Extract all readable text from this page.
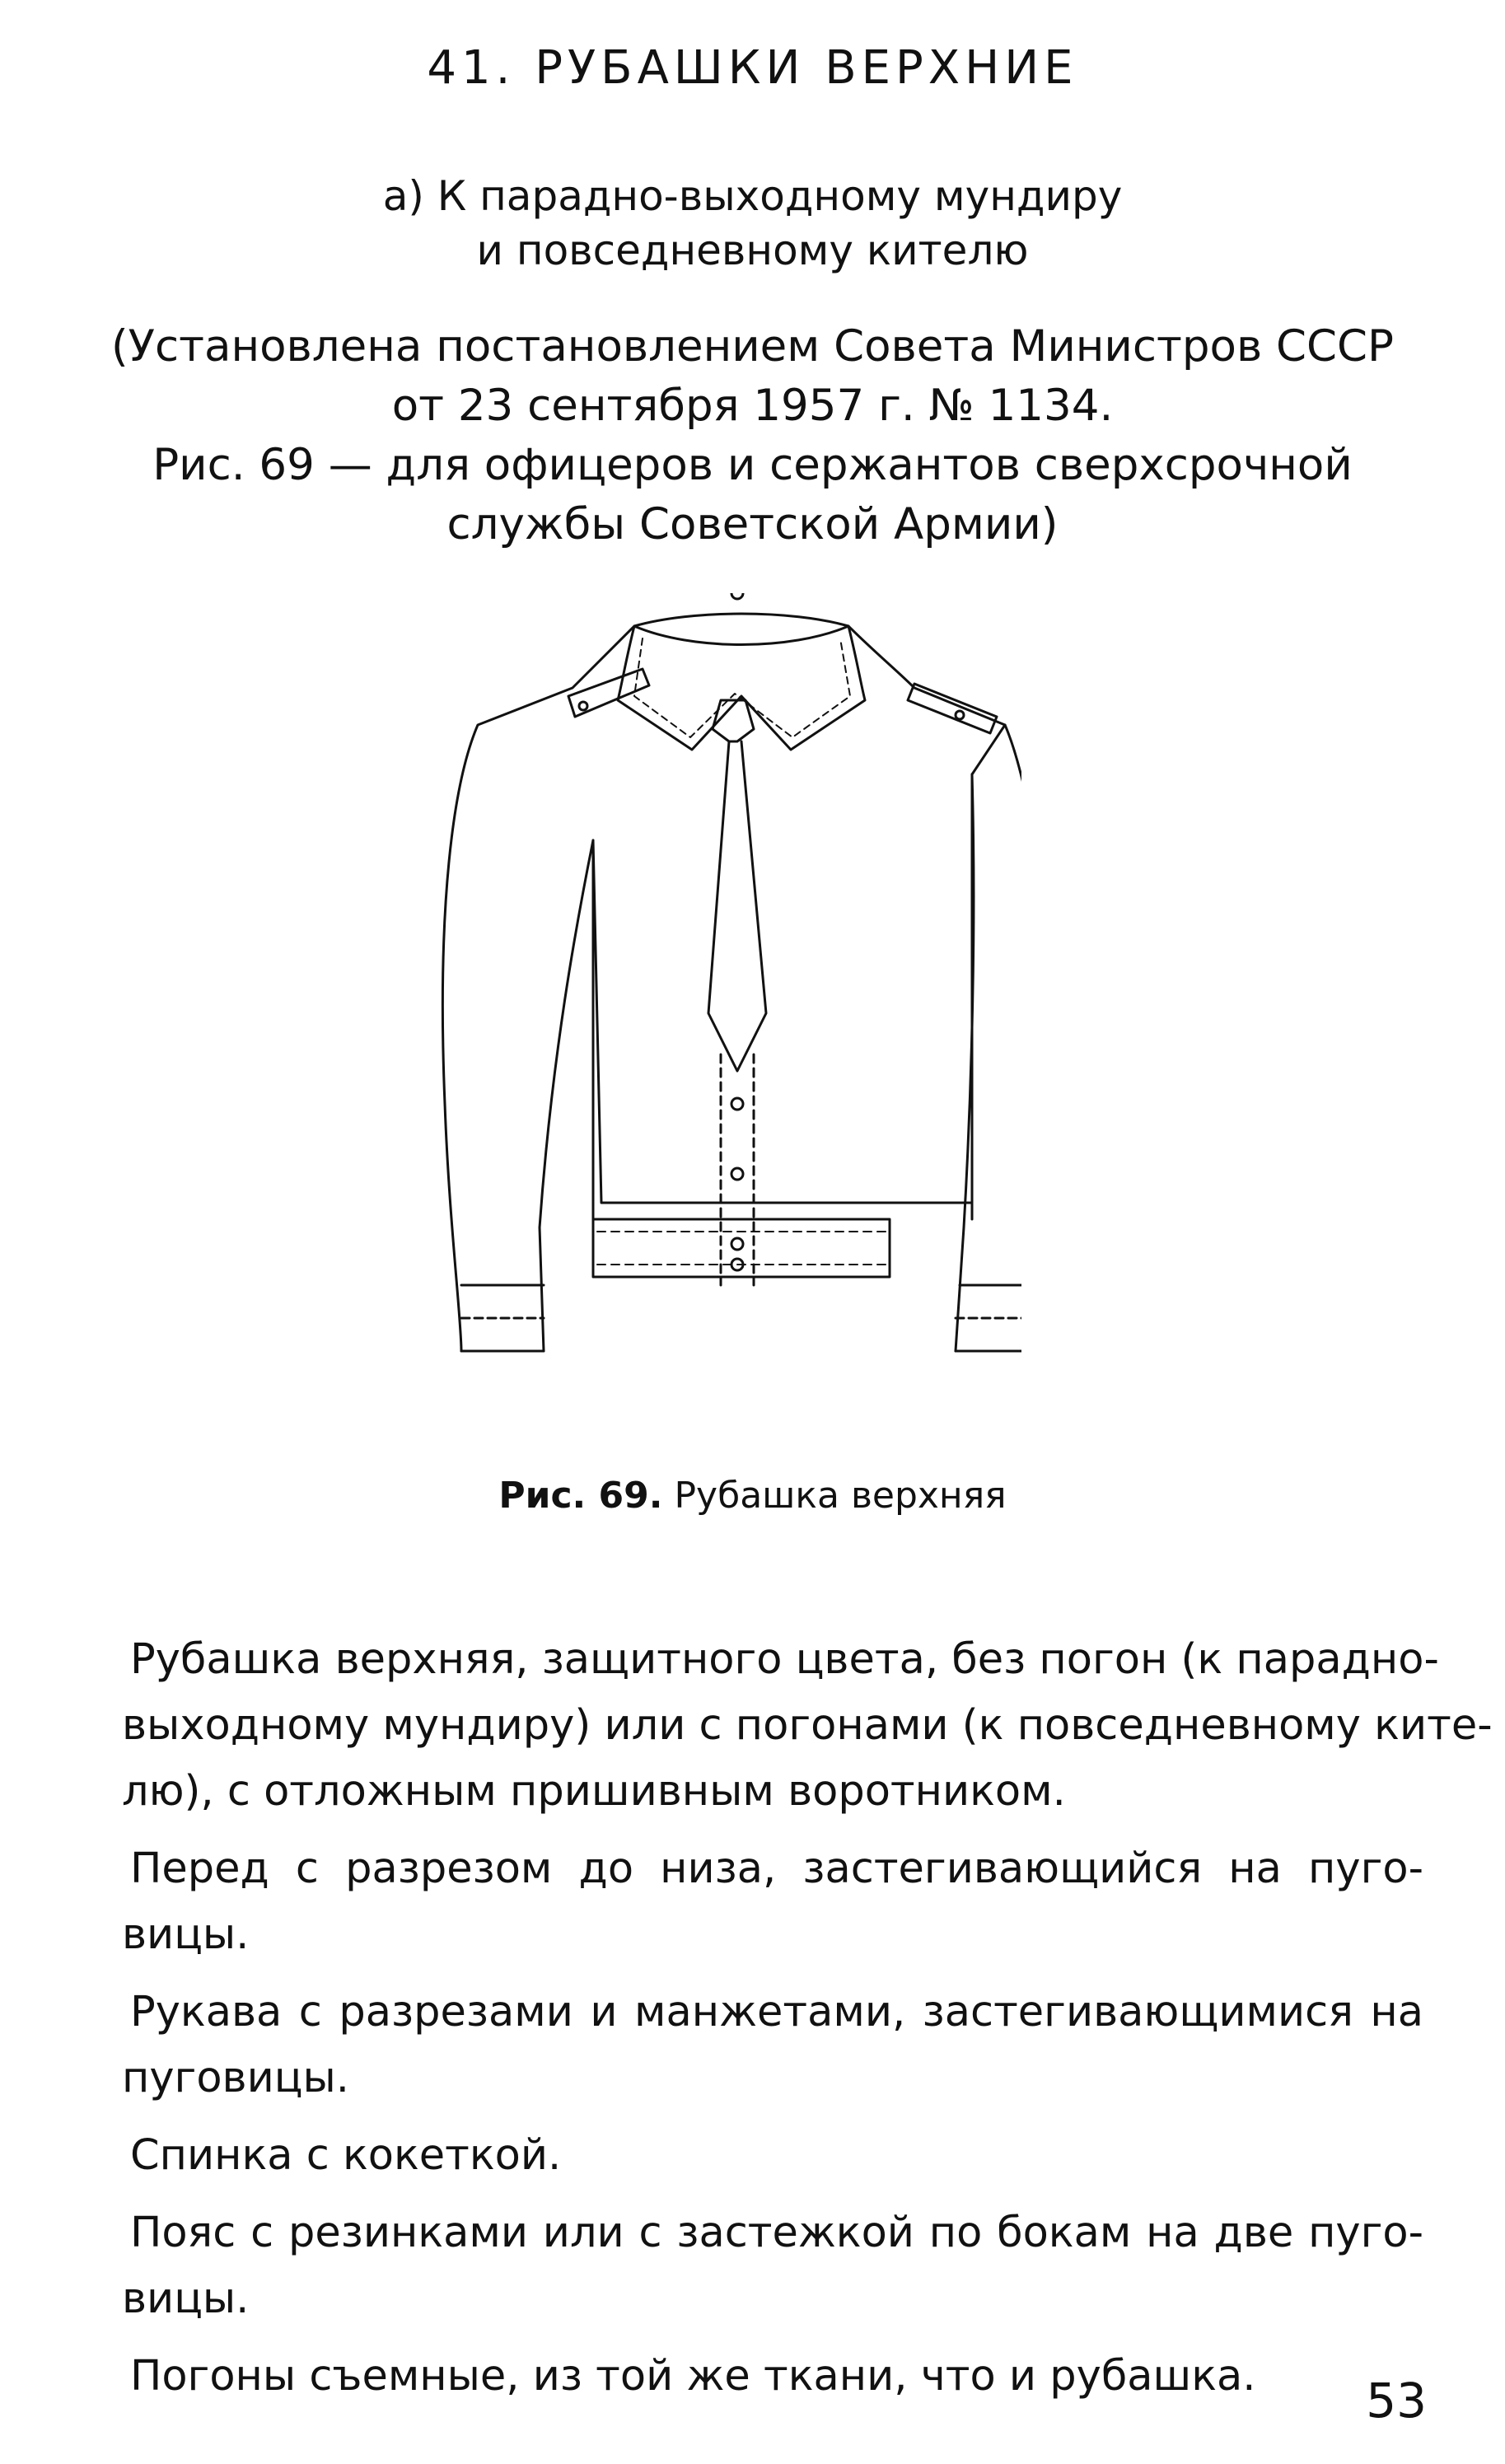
41. РУБАШКИ ВЕРХНИЕ
а) К парадно-выходному мундиру
и повседневному кителю
(Установлена постановлением Совета Министров СССР
от 23 сентября 1957 г. № 1134.
Рис. 69 — для офицеров и сержантов сверхсрочной
службы Советской Армии)
Рис. 69. Рубашка верхняя
Рубашка верхняя, защитного цвета, без погон (к парадно-
выходному мундиру) или с погонами (к повседневному ките-
лю), с отложным пришивным воротником.
Перед с разрезом до низа, застегивающийся на пуго-
вицы.
Рукава с разрезами и манжетами, застегивающимися на
пуговицы.
Спинка с кокеткой.
Пояс с резинками или с застежкой по бокам на две пуго-
вицы.
Погоны съемные, из той же ткани, что и рубашка.	53
